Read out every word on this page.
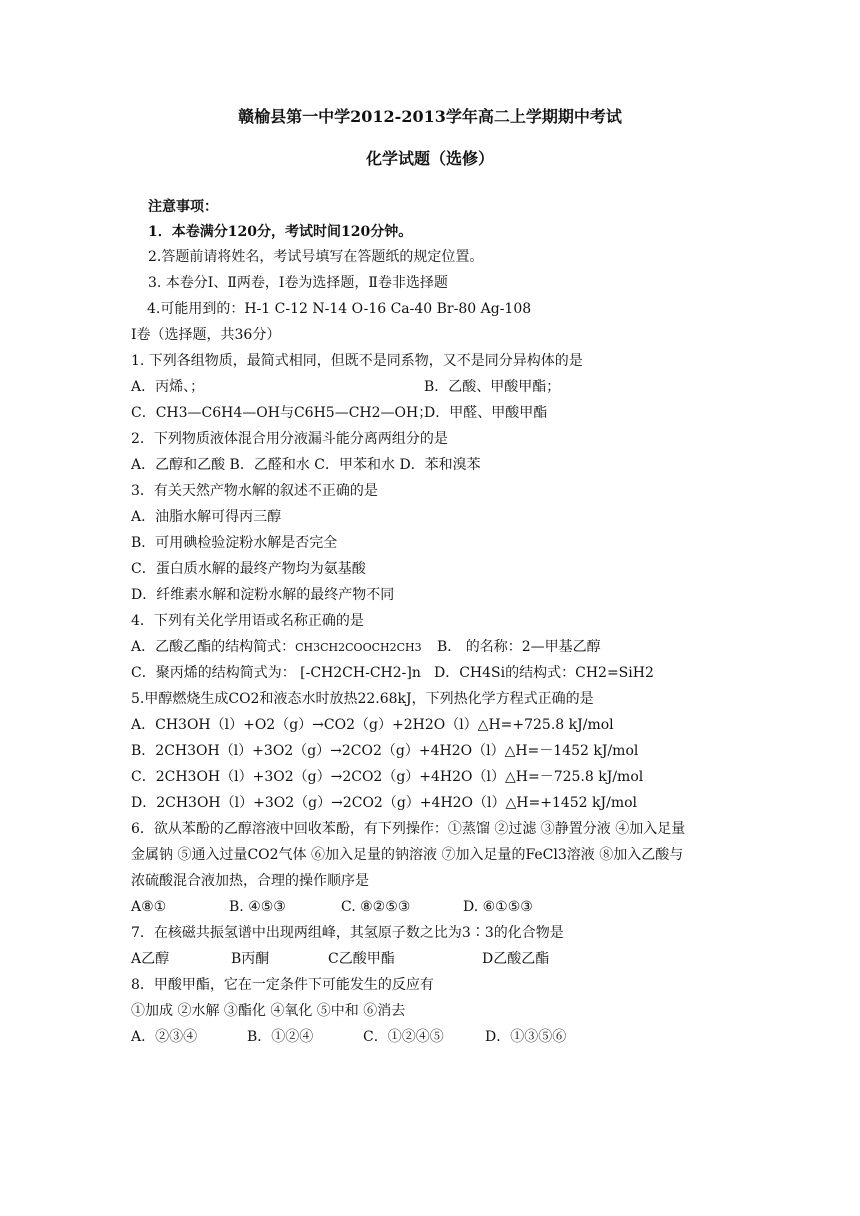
赣榆县第一中学2012-2013学年高二上学期期中考试
化学试题（选修）
注意事项：
1．本卷满分120分，考试时间120分钟。
2.答题前请将姓名，考试号填写在答题纸的规定位置。
3. 本卷分Ⅰ、Ⅱ两卷，Ⅰ卷为选择题，Ⅱ卷非选择题
4.可能用到的：H-1 C-12 N-14 O-16 Ca-40 Br-80 Ag-108
Ⅰ卷（选择题，共36分）
1. 下列各组物质，最简式相同，但既不是同系物，又不是同分异构体的是
A．丙烯、；	B．乙酸、甲酸甲酯；
C．CH3—C6H4—OH与C6H5—CH2—OH；
D．甲醛、甲酸甲酯
2．下列物质液体混合用分液漏斗能分离两组分的是
A．乙醇和乙酸 B．乙醛和水 C．甲苯和水 D．苯和溴苯
3．有关天然产物水解的叙述不正确的是
A．油脂水解可得丙三醇
B．可用碘检验淀粉水解是否完全
C．蛋白质水解的最终产物均为氨基酸
D．纤维素水解和淀粉水解的最终产物不同
4．下列有关化学用语或名称正确的是
A．乙酸乙酯的结构简式：CH3CH2COOCH2CH3 B． 的名称：2—甲基乙醇
C．聚丙烯的结构简式为： [-CH2CH-CH2-]n D．CH4Si的结构式：CH2=SiH2
5.甲醇燃烧生成CO2和液态水时放热22.68kJ，下列热化学方程式正确的是
A．CH3OH（l）+O2（g）→CO2（g）+2H2O（l）△H=+725.8 kJ/mol
B．2CH3OH（l）+3O2（g）→2CO2（g）+4H2O（l）△H=－1452 kJ/mol
C．2CH3OH（l）+3O2（g）→2CO2（g）+4H2O（l）△H=－725.8 kJ/mol
D．2CH3OH（l）+3O2（g）→2CO2（g）+4H2O（l）△H=+1452 kJ/mol
6．欲从苯酚的乙醇溶液中回收苯酚，有下列操作：①蒸馏 ②过滤 ③静置分液 ④加入足量
金属钠 ⑤通入过量CO2气体 ⑥加入足量的钠溶液 ⑦加入足量的FeCl3溶液 ⑧加入乙酸与
浓硫酸混合液加热，合理的操作顺序是
A⑧①	B. ④⑤③	C. ⑧②⑤③	D. ⑥①⑤③
7．在核磁共振氢谱中出现两组峰，其氢原子数之比为3∶3的化合物是
A乙醇	B丙酮	C乙酸甲酯	D乙酸乙酯
8．甲酸甲酯，它在一定条件下可能发生的反应有
①加成 ②水解 ③酯化 ④氧化 ⑤中和 ⑥消去
A．②③④	B．①②④	C．①②④⑤	D．①③⑤⑥
